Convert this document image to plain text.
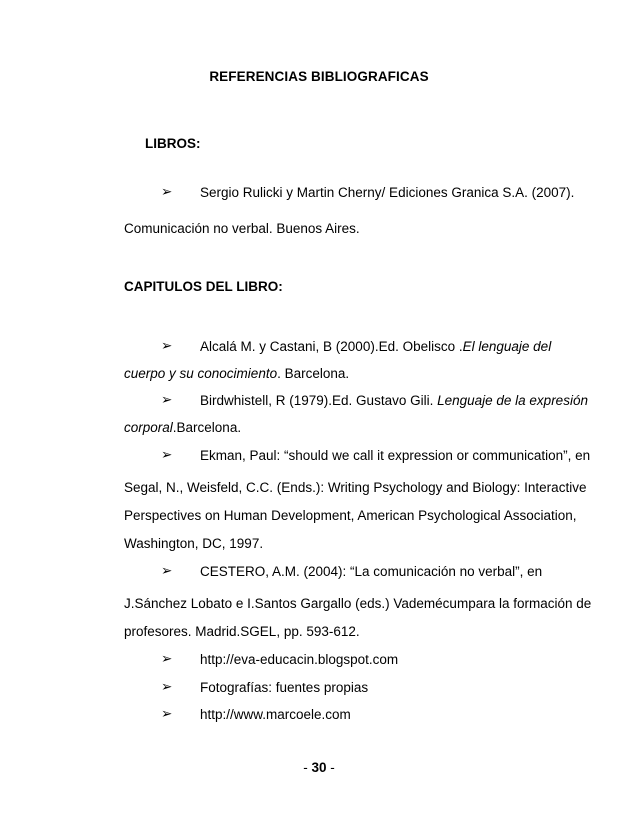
REFERENCIAS BIBLIOGRAFICAS
LIBROS:
➢ Sergio Rulicki y Martin Cherny/ Ediciones Granica S.A. (2007).
Comunicación no verbal. Buenos Aires.
CAPITULOS DEL LIBRO:
➢ Alcalá M. y Castani, B (2000).Ed. Obelisco .El lenguaje del
cuerpo y su conocimiento. Barcelona.
➢ Birdwhistell, R (1979).Ed. Gustavo Gili. Lenguaje de la expresión
corporal.Barcelona.
➢ Ekman, Paul: “should we call it expression or communication”, en
Segal, N., Weisfeld, C.C. (Ends.): Writing Psychology and Biology: Interactive
Perspectives on Human Development, American Psychological Association,
Washington, DC, 1997.
➢ CESTERO, A.M. (2004): “La comunicación no verbal”, en
J.Sánchez Lobato e I.Santos Gargallo (eds.) Vademécumpara la formación de
profesores. Madrid.SGEL, pp. 593-612.
➢ http://eva-educacin.blogspot.com
➢ Fotografías: fuentes propias
➢ http://www.marcoele.com
- 30 -
